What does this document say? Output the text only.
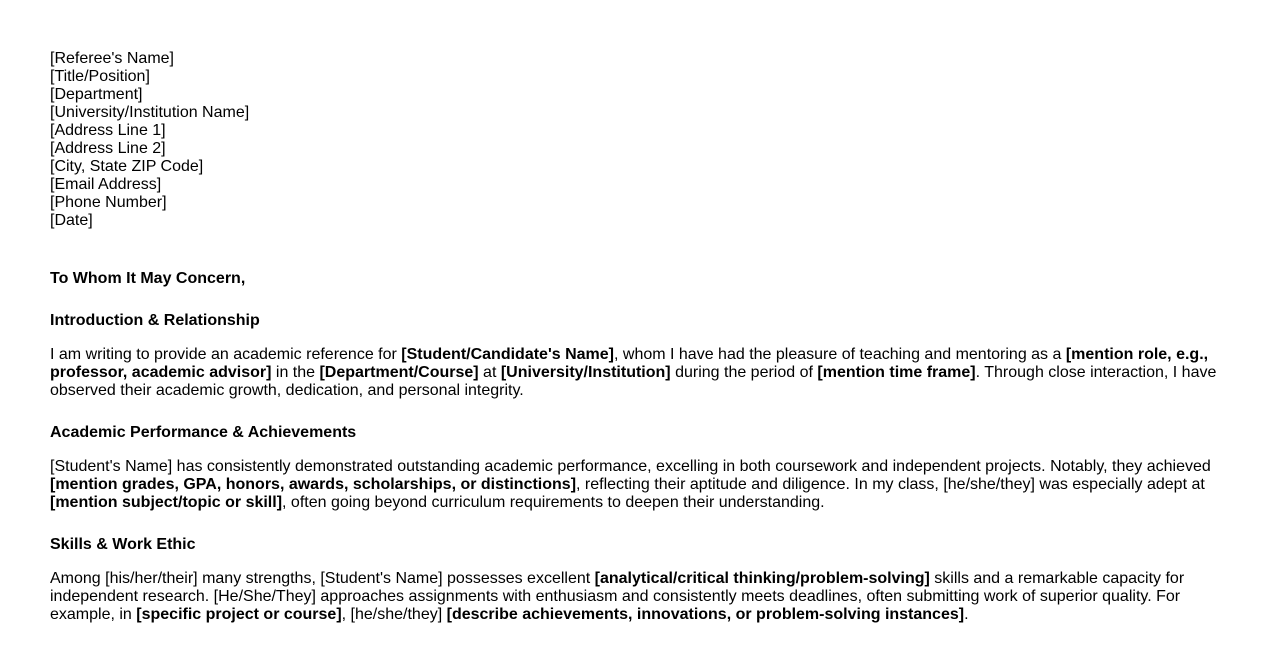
[Referee's Name]
[Title/Position]
[Department]
[University/Institution Name]
[Address Line 1]
[Address Line 2]
[City, State ZIP Code]
[Email Address]
[Phone Number]
[Date]
To Whom It May Concern,
Introduction & Relationship
I am writing to provide an academic reference for [Student/Candidate's Name], whom I have had the pleasure of teaching and mentoring as a [mention role, e.g., professor, academic advisor] in the [Department/Course] at [University/Institution] during the period of [mention time frame]. Through close interaction, I have observed their academic growth, dedication, and personal integrity.
Academic Performance & Achievements
[Student's Name] has consistently demonstrated outstanding academic performance, excelling in both coursework and independent projects. Notably, they achieved [mention grades, GPA, honors, awards, scholarships, or distinctions], reflecting their aptitude and diligence. In my class, [he/she/they] was especially adept at [mention subject/topic or skill], often going beyond curriculum requirements to deepen their understanding.
Skills & Work Ethic
Among [his/her/their] many strengths, [Student's Name] possesses excellent [analytical/critical thinking/problem-solving] skills and a remarkable capacity for independent research. [He/She/They] approaches assignments with enthusiasm and consistently meets deadlines, often submitting work of superior quality. For example, in [specific project or course], [he/she/they] [describe achievements, innovations, or problem-solving instances].
